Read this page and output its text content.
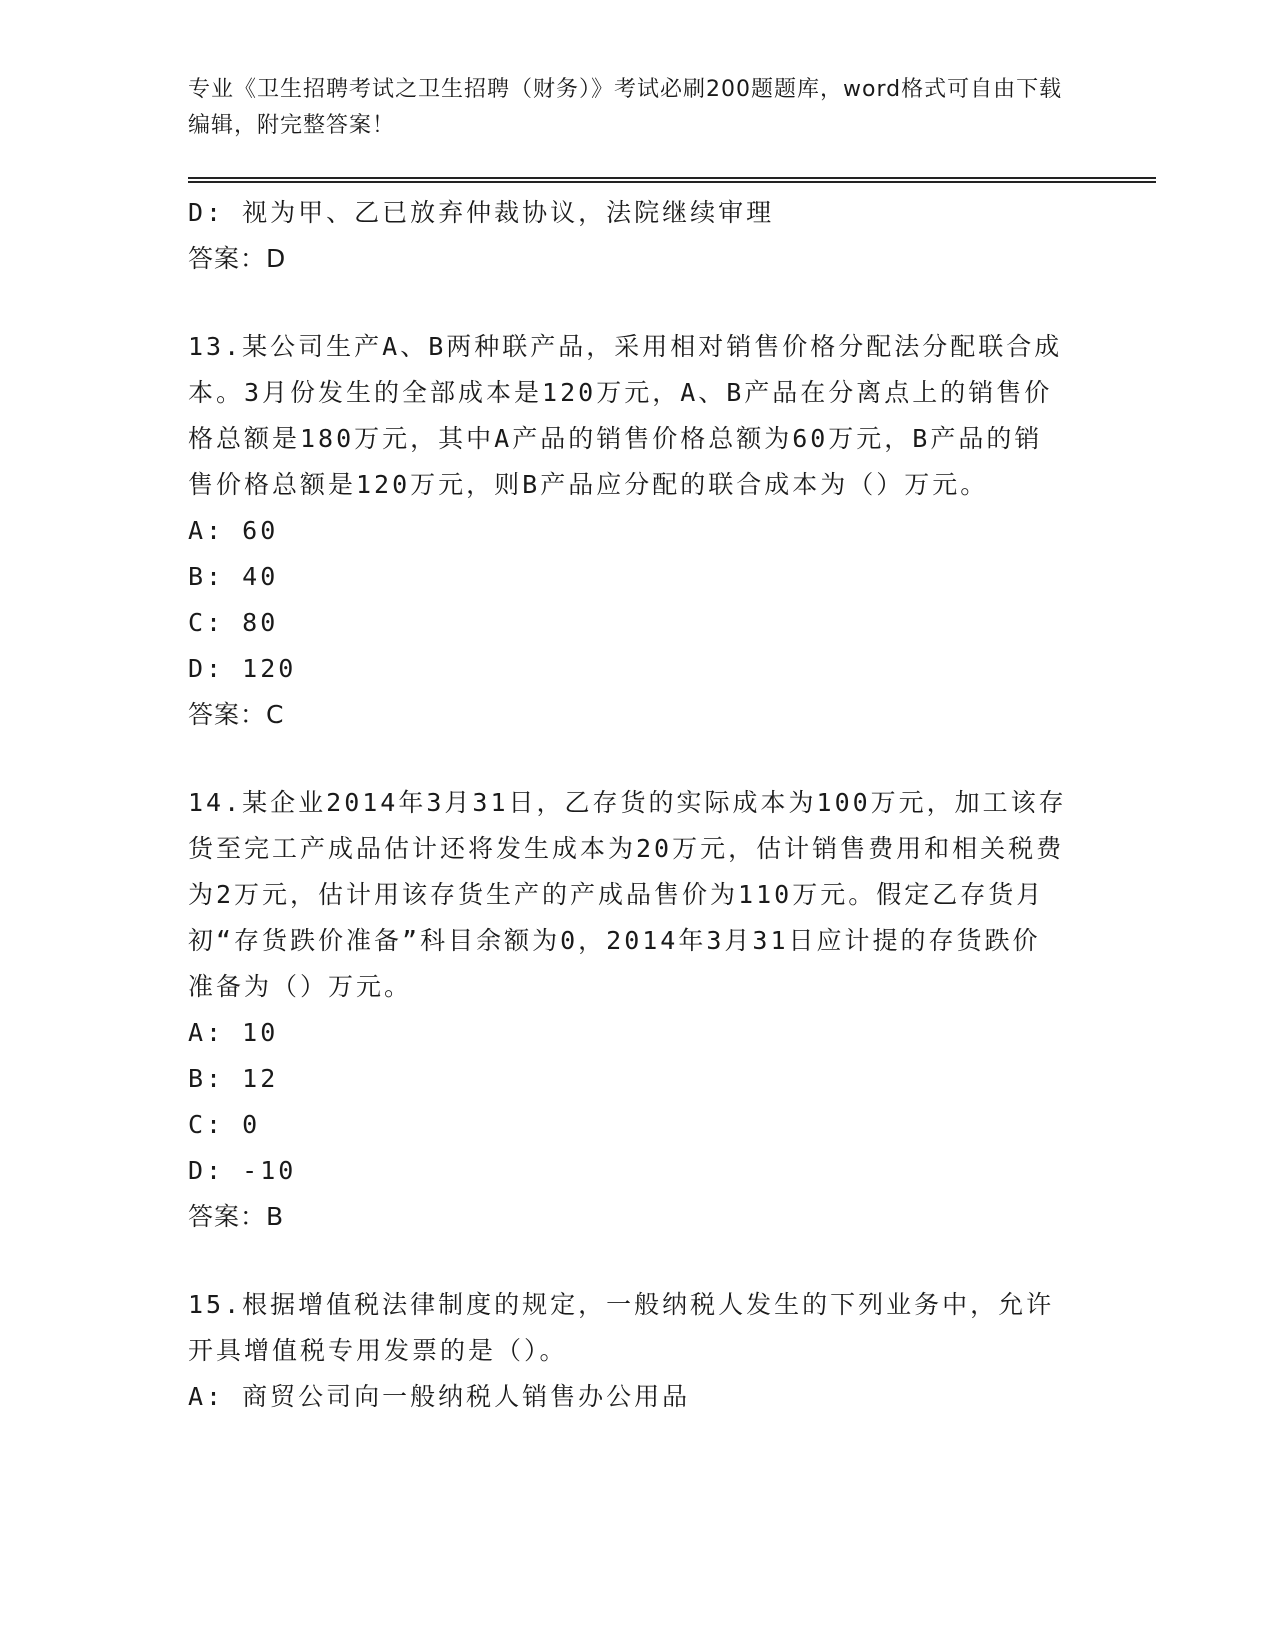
专业《卫生招聘考试之卫生招聘（财务）》考试必刷200题题库，word格式可自由下载编辑，附完整答案！
D: 视为甲、乙已放弃仲裁协议，法院继续审理
答案：D
13.某公司生产A、B两种联产品，采用相对销售价格分配法分配联合成本。3月份发生的全部成本是120万元，A、B产品在分离点上的销售价格总额是180万元，其中A产品的销售价格总额为60万元，B产品的销售价格总额是120万元，则B产品应分配的联合成本为（）万元。
A: 60
B: 40
C: 80
D: 120
答案：C
14.某企业2014年3月31日，乙存货的实际成本为100万元，加工该存货至完工产成品估计还将发生成本为20万元，估计销售费用和相关税费为2万元，估计用该存货生产的产成品售价为110万元。假定乙存货月初“存货跌价准备”科目余额为0，2014年3月31日应计提的存货跌价准备为（）万元。
A: 10
B: 12
C: 0
D: -10
答案：B
15.根据增值税法律制度的规定，一般纳税人发生的下列业务中，允许开具增值税专用发票的是（）。
A: 商贸公司向一般纳税人销售办公用品
